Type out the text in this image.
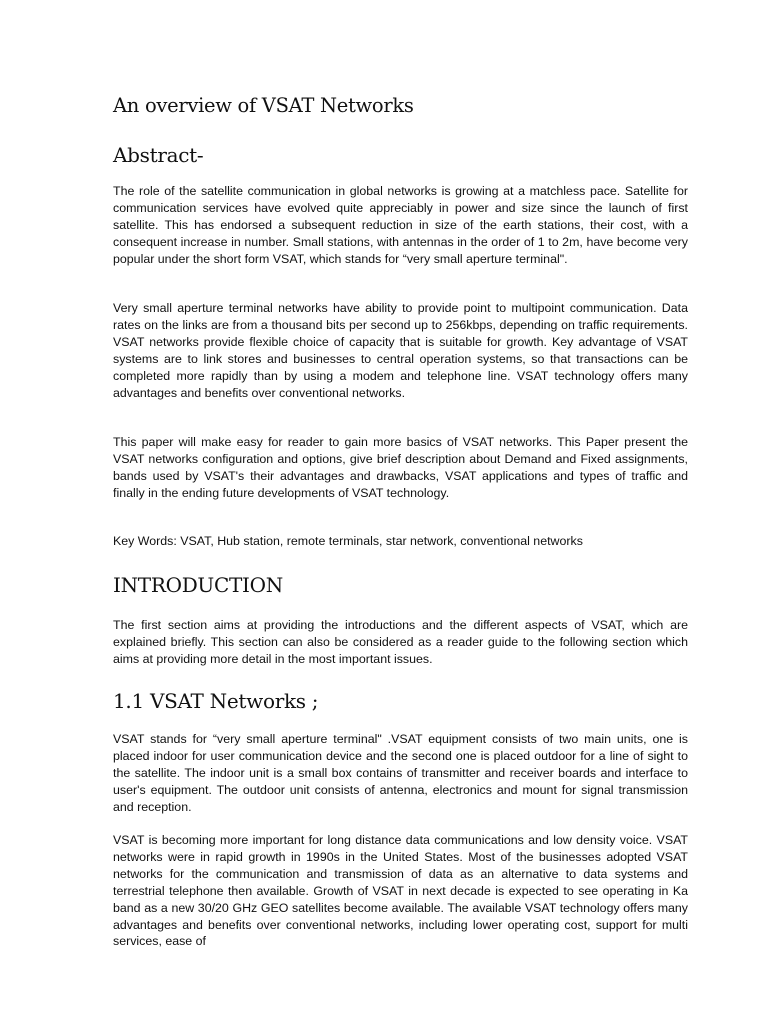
An overview of VSAT Networks
Abstract-

The role of the satellite communication in global networks is growing at a matchless pace. Satellite for communication services have evolved quite appreciably in power and size since the launch of first satellite. This has endorsed a subsequent reduction in size of the earth stations, their cost, with a consequent increase in number. Small stations, with antennas in the order of 1 to 2m, have become very popular under the short form VSAT, which stands for “very small aperture terminal".

Very small aperture terminal networks have ability to provide point to multipoint communication. Data rates on the links are from a thousand bits per second up to 256kbps, depending on traffic requirements. VSAT networks provide flexible choice of capacity that is suitable for growth. Key advantage of VSAT systems are to link stores and businesses to central operation systems, so that transactions can be completed more rapidly than by using a modem and telephone line. VSAT technology offers many advantages and benefits over conventional networks.

This paper will make easy for reader to gain more basics of VSAT networks. This Paper present the VSAT networks configuration and options, give brief description about Demand and Fixed assignments, bands used by VSAT's their advantages and drawbacks, VSAT applications and types of traffic and finally in the ending future developments of VSAT technology.

Key Words: VSAT, Hub station, remote terminals, star network, conventional networks

INTRODUCTION

The first section aims at providing the introductions and the different aspects of VSAT, which are explained briefly. This section can also be considered as a reader guide to the following section which aims at providing more detail in the most important issues.

1.1 VSAT Networks ;

VSAT stands for “very small aperture terminal" .VSAT equipment consists of two main units, one is placed indoor for user communication device and the second one is placed outdoor for a line of sight to the satellite. The indoor unit is a small box contains of transmitter and receiver boards and interface to user's equipment. The outdoor unit consists of antenna, electronics and mount for signal transmission and reception.

VSAT is becoming more important for long distance data communications and low density voice. VSAT networks were in rapid growth in 1990s in the United States. Most of the businesses adopted VSAT networks for the communication and transmission of data as an alternative to data systems and terrestrial telephone then available. Growth of VSAT in next decade is expected to see operating in Ka band as a new 30/20 GHz GEO satellites become available. The available VSAT technology offers many advantages and benefits over conventional networks, including lower operating cost, support for multi services, ease of
